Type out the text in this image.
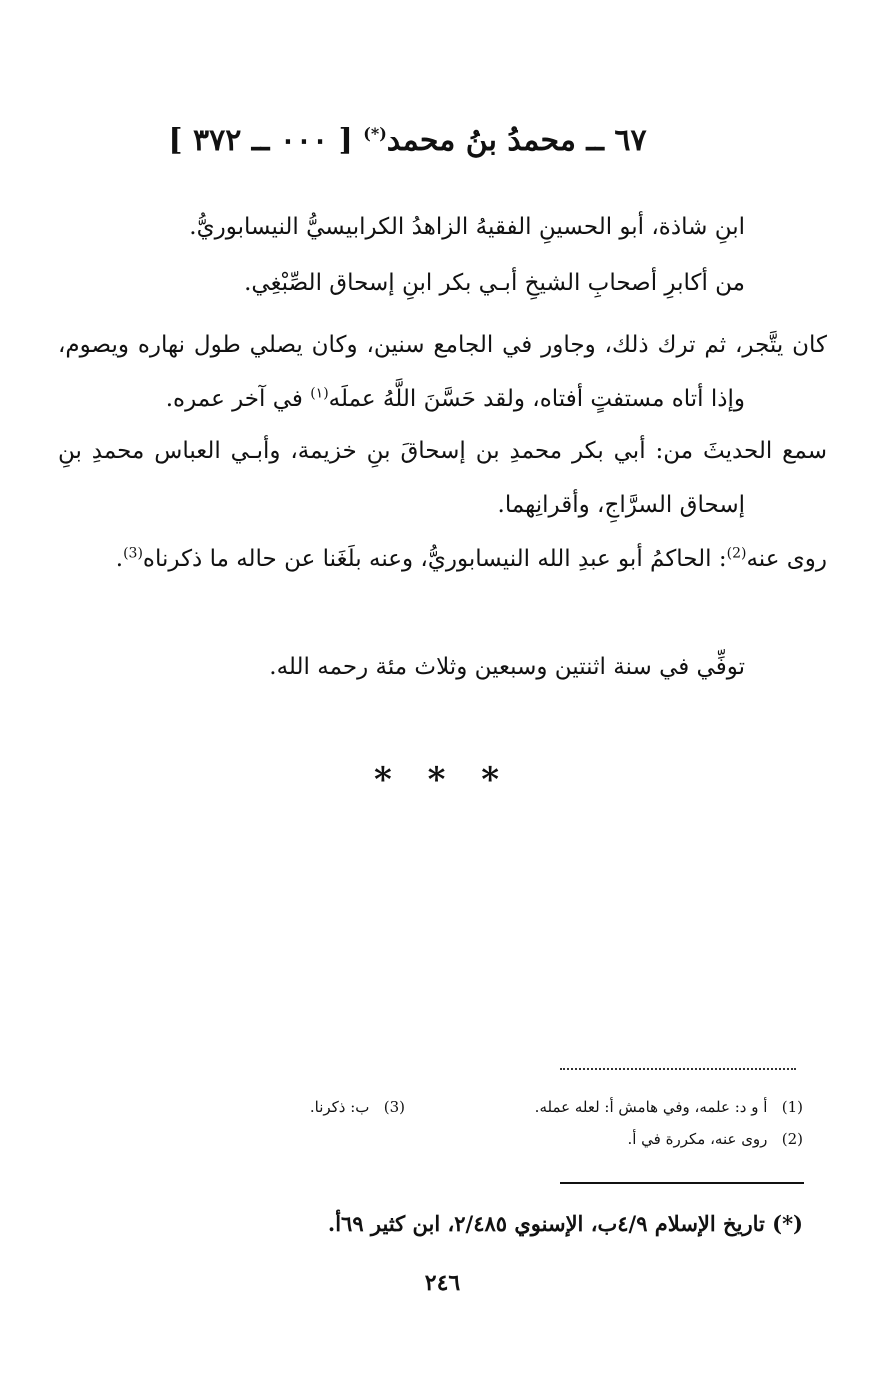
٦٧ ــ محمدُ بنُ محمد(*) [ ٠٠٠ ــ ٣٧٢ ]
ابنِ شاذة، أبو الحسينِ الفقيهُ الزاهدُ الكرابيسيُّ النيسابوريُّ.
من أكابرِ أصحابِ الشيخِ أبـي بكر ابنِ إسحاق الصِّبْغِي.
كان يتَّجر، ثم ترك ذلك، وجاور في الجامع سنين، وكان يصلي طول نهاره ويصوم، وإذا أتاه مستفتٍ أفتاه، ولقد حَسَّنَ اللَّهُ عملَه$^{(١)}$ في آخر عمره.
سمع الحديثَ من: أبي بكر محمدِ بن إسحاقَ بنِ خزيمة، وأبـي العباس محمدِ بنِ إسحاق السرَّاجِ، وأقرانِهما.
روى عنه$^{(2)}$: الحاكمُ أبو عبدِ الله النيسابوريُّ، وعنه بلَغَنا عن حاله ما ذكرناه$^{(3)}$.
توفِّي في سنة اثنتين وسبعين وثلاث مئة رحمه الله.
* * *
(1)   أ و د: علمه، وفي هامش أ: لعله عمله.
(3)   ب: ذكرنا.
(2)   روى عنه، مكررة في أ.
(*) تاريخ الإسلام ٤/٩ب، الإسنوي ٢/٤٨٥، ابن كثير ٦٩أ.
٢٤٦
